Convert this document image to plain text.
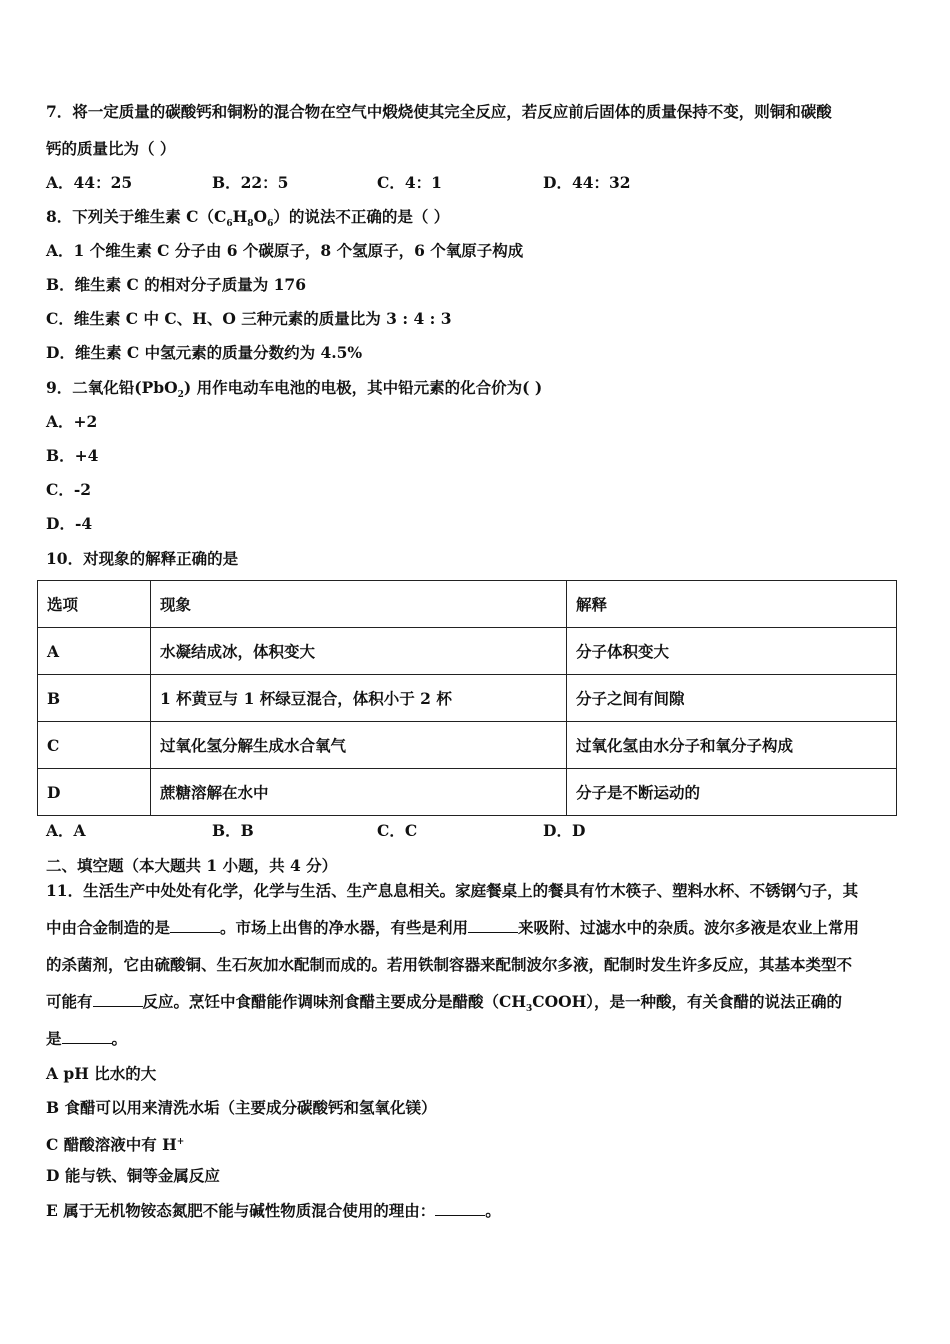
7．将一定质量的碳酸钙和铜粉的混合物在空气中煅烧使其完全反应，若反应前后固体的质量保持不变，则铜和碳酸
钙的质量比为（ ）
A．44：25	B．22：5	C．4：1	D．44：32
8．下列关于维生素 $C(C_6H_8O_6)$的说法不正确的是（ ）
A．1 个维生素 C 分子由 6 个碳原子，8 个氢原子，6 个氧原子构成
B．维生素 C 的相对分子质量为 176
C．维生素 C 中 C、H、O 三种元素的质量比为 3 : 4 : 3
D．维生素 C 中氢元素的质量分数约为 4.5%
9．二氧化铅(PbO$_2$) 用作电动车电池的电极，其中铅元素的化合价为( )
A．+2
B．+4
C．-2
D．-4
10．对现象的解释正确的是
选项	现象	解释
A	水凝结成冰，体积变大	分子体积变大
B	1 杯黄豆与 1 杯绿豆混合，体积小于 2 杯	分子之间有间隙
C	过氧化氢分解生成水合氧气	过氧化氢由水分子和氧分子构成
D	蔗糖溶解在水中	分子是不断运动的
A．A	B．B	C．C	D．D
二、填空题（本大题共 1 小题，共 4 分）
11．生活生产中处处有化学，化学与生活、生产息息相关。家庭餐桌上的餐具有竹木筷子、塑料水杯、不锈钢勺子，其
中由合金制造的是	。市场上出售的净水器，有些是利用	来吸附、过滤水中的杂质。波尔多液是农业上常用
的杀菌剂，它由硫酸铜、生石灰加水配制而成的。若用铁制容器来配制波尔多液，配制时发生许多反应，其基本类型不
可能有	反应。烹饪中食醋能作调味剂食醋主要成分是醋酸$(CH_3COOH)$，是一种酸，有关食醋的说法正确的
是	。
A pH 比水的大
B 食醋可以用来清洗水垢（主要成分碳酸钙和氢氧化镁）
C 醋酸溶液中有 H+
D 能与铁、铜等金属反应
E 属于无机物铵态氮肥不能与碱性物质混合使用的理由：	。
